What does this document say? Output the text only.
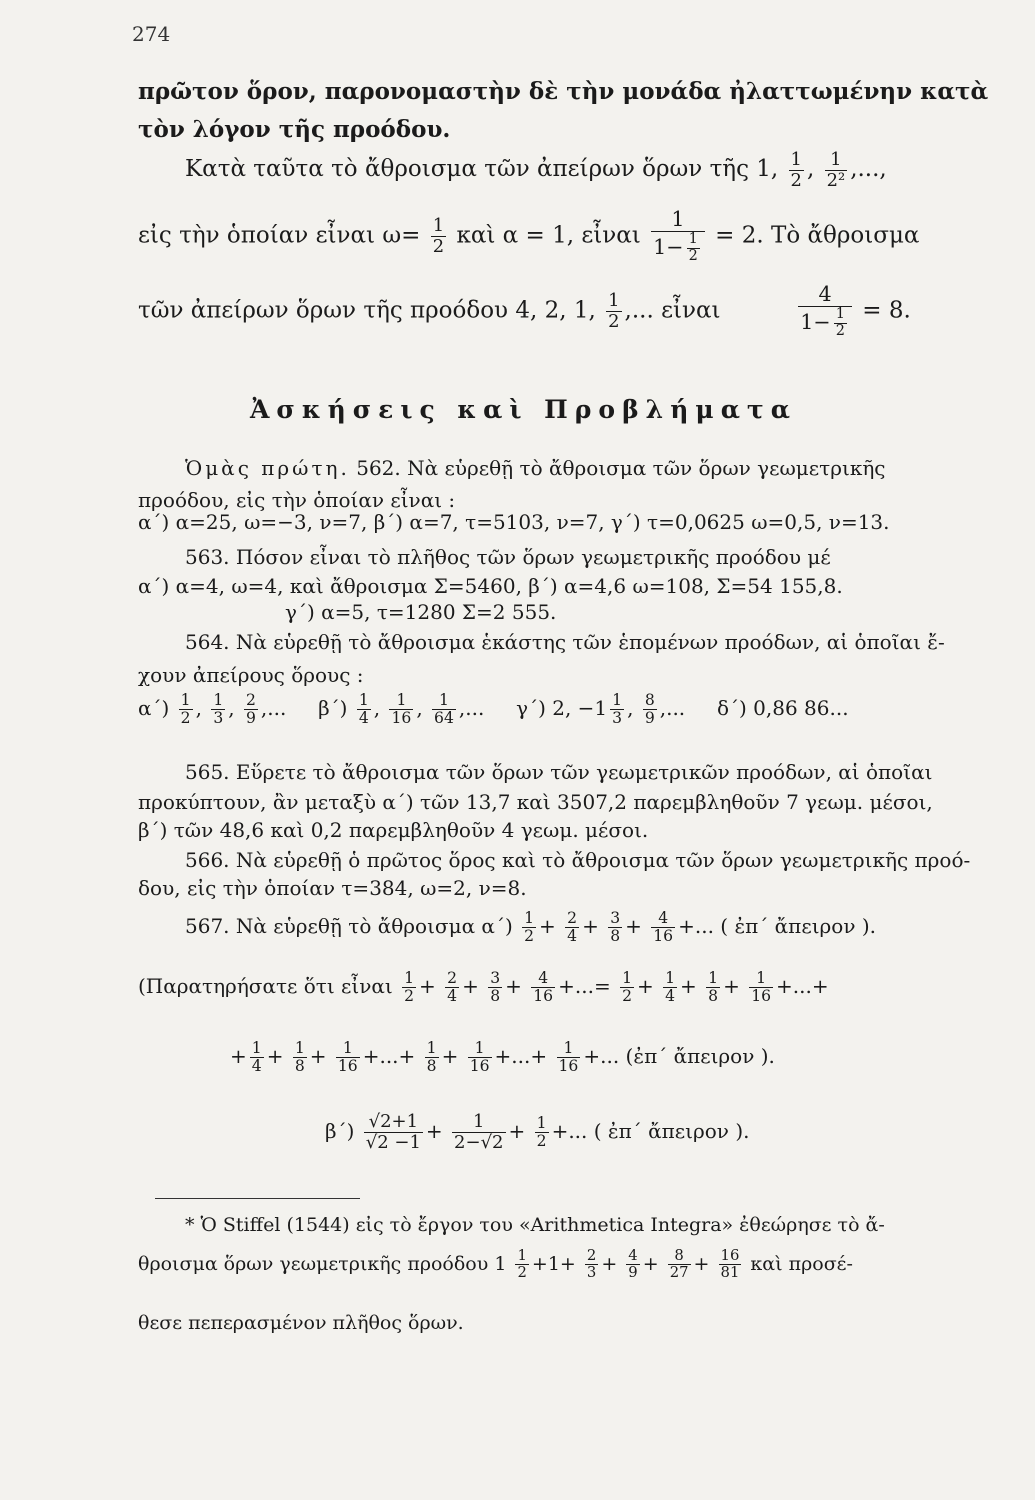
274
πρῶτον ὅρον, παρονομαστὴν δὲ τὴν μονάδα ἠλαττωμένην κατὰ
τὸν λόγον τῆς προόδου.
Κατὰ ταῦτα τὸ ἄθροισμα τῶν ἀπείρων ὅρων τῆς 1, $\frac{1}{2}$ , $\frac{1}{\text{2²}}$ ,...,
εἰς τὴν ὁποίαν εἶναι $\omega= \frac{1}{2}$ καὶ α = 1, εἶναι $\frac{1}{1- \frac{1}{2}} = 2$. Τὸ ἄθροισμα
τῶν ἀπείρων ὅρων τῆς προόδου 4, 2, 1, $\frac{1}{2}$ ,... εἶναι	$\frac{4}{1- \frac{1}{2}} = 8$.
Ἀσκήσεις καὶ Προβλήματα
Ὁμὰς πρώτη. 562. Νὰ εὑρεθῇ τὸ ἄθροισμα τῶν ὅρων γεωμετρικῆς
προόδου, εἰς τὴν ὁποίαν εἶναι :
α΄) α=25, ω=−3, ν=7, β΄) α=7, τ=5103, ν=7, γ΄) τ=0,0625 ω=0,5, ν=13.
563. Πόσον εἶναι τὸ πλῆθος τῶν ὅρων γεωμετρικῆς προόδου μέ
α΄) α=4, ω=4, καὶ ἄθροισμα Σ=5460, β΄) α=4,6 ω=108, Σ=54 155,8.
γ΄) α=5, τ=1280 Σ=2 555.
564. Νὰ εὑρεθῇ τὸ ἄθροισμα ἑκάστης τῶν ἑπομένων προόδων, αἱ ὁποῖαι ἔ-
χουν ἀπείρους ὅρους :
$\alpha΄) \frac{1}{2}$ , $\frac{1}{3}$ , $\frac{2}{9}$ ,... $\beta΄) \frac{1}{4}$ , $\frac{1}{16}$ , $\frac{1}{64}$ ,... γ΄) 2, $-1 \frac{1}{3}$ , $\frac{8}{9}$ ,... δ΄) 0,86 86...
565. Εὕρετε τὸ ἄθροισμα τῶν ὅρων τῶν γεωμετρικῶν προόδων, αἱ ὁποῖαι
προκύπτουν, ἂν μεταξὺ α΄) τῶν 13,7 καὶ 3507,2 παρεμβληθοῦν 7 γεωμ. μέσοι,
β΄) τῶν 48,6 καὶ 0,2 παρεμβληθοῦν 4 γεωμ. μέσοι.
566. Νὰ εὑρεθῇ ὁ πρῶτος ὅρος καὶ τὸ ἄθροισμα τῶν ὅρων γεωμετρικῆς προό-
δου, εἰς τὴν ὁποίαν τ=384, ω=2, ν=8.
567. Νὰ εὑρεθῇ τὸ ἄθροισμα $\alpha΄) \frac{1}{2} + \frac{2}{4} + \frac{3}{8} + \frac{4}{16}$ +... ( ἐπ΄ ἄπειρον ).
(Παρατηρήσατε ὅτι εἶναι $\frac{1}{2} + \frac{2}{4} + \frac{3}{8} + \frac{4}{16}$ +...= $\frac{1}{2} + \frac{1}{4} + \frac{1}{8} + \frac{1}{16}$ +...+
+ $\frac{1}{4} + \frac{1}{8} + \frac{1}{16}$ +...+ $\frac{1}{8} + \frac{1}{16}$ +...+ $\frac{1}{16}$ +... (ἐπ΄ ἄπειρον ).
$\beta΄) \frac{√2+1}{√2 -1} + \frac{1}{2-√2} + \frac{1}{2}$ +... ( ἐπ΄ ἄπειρον ).
* Ὁ Stiffel (1544) εἰς τὸ ἔργον του «Arithmetica Integra» ἐθεώρησε τὸ ἄ-
θροισμα ὅρων γεωμετρικῆς προόδου $1 \frac{1}{2} +1+ \frac{2}{3} + \frac{4}{9} + \frac{8}{27} + \frac{16}{81}$ καὶ προσέ-
θεσε πεπερασμένον πλῆθος ὅρων.
